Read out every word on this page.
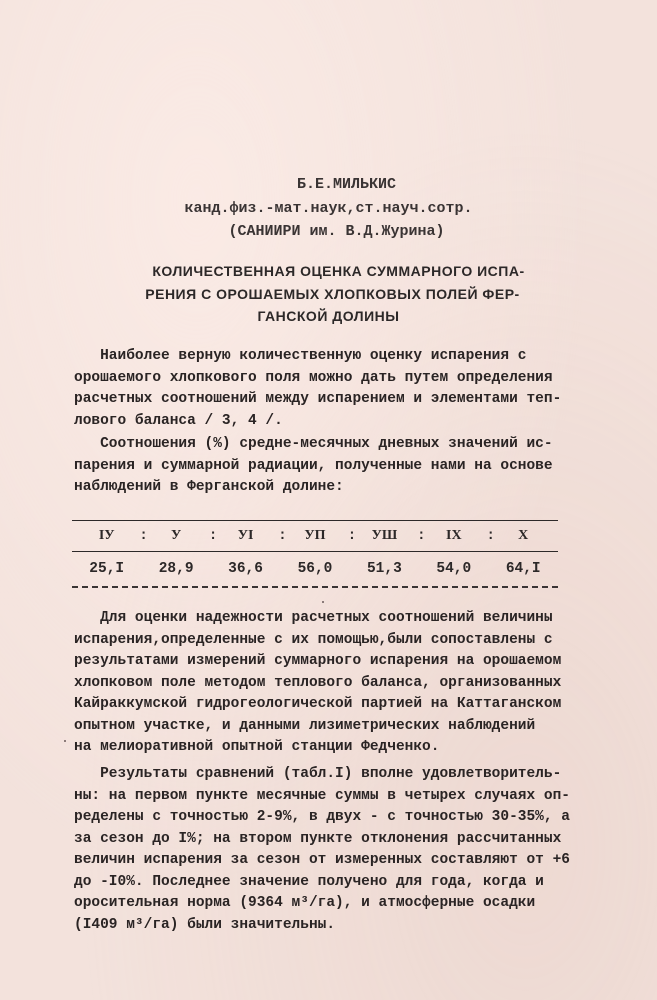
Б.Е.МИЛЬКИС
канд.физ.-мат.наук,ст.науч.сотр.
(САНИИРИ им. В.Д.Журина)
КОЛИЧЕСТВЕННАЯ ОЦЕНКА СУММАРНОГО ИСПА-
РЕНИЯ С ОРОШАЕМЫХ ХЛОПКОВЫХ ПОЛЕЙ ФЕР-
ГАНСКОЙ ДОЛИНЫ
Наиболее верную количественную оценку испарения с
орошаемого хлопкового поля можно дать путем определения
расчетных соотношений между испарением и элементами теп-
лового баланса / 3, 4 /.
Соотношения (%) средне-месячных дневных значений ис-
парения и суммарной радиации, полученные нами на основе
наблюдений в Ферганской долине:
IУ	: У	: УI	: УП	: УШ	: IХ	: Х
25,I	28,9	36,6	56,0	51,3	54,0	64,I
Для оценки надежности расчетных соотношений величины
испарения,определенные с их помощью,были сопоставлены с
результатами измерений суммарного испарения на орошаемом
хлопковом поле методом теплового баланса, организованных
Кайраккумской гидрогеологической партией на Каттаганском
опытном участке, и данными лизиметрических наблюдений
на мелиоративной опытной станции Федченко.
Результаты сравнений (табл.I) вполне удовлетворитель-
ны: на первом пункте месячные суммы в четырех случаях оп-
ределены с точностью 2-9%, в двух - с точностью 30-35%, а
за сезон до I%; на втором пункте отклонения рассчитанных
величин испарения за сезон от измеренных составляют от +6
до -I0%. Последнее значение получено для года, когда и
оросительная норма (9364 м³/га), и атмосферные осадки
(I409 м³/га) были значительны.
